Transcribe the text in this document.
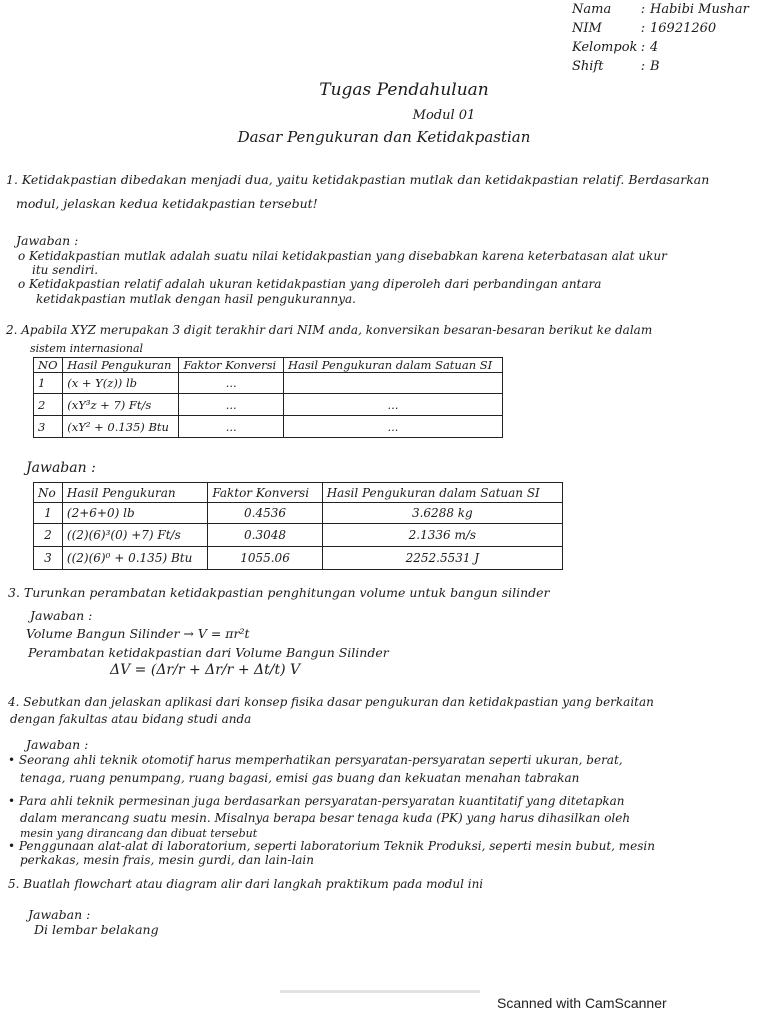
Nama	: Habibi Mushar
NIM	: 16921260
Kelompok : 4
Shift	: B
Tugas Pendahuluan
Modul 01
Dasar Pengukuran dan Ketidakpastian
1. Ketidakpastian dibedakan menjadi dua, yaitu ketidakpastian mutlak dan ketidakpastian relatif. Berdasarkan
modul, jelaskan kedua ketidakpastian tersebut!
Jawaban :
o Ketidakpastian mutlak adalah suatu nilai ketidakpastian yang disebabkan karena keterbatasan alat ukur
itu sendiri.
o Ketidakpastian relatif adalah ukuran ketidakpastian yang diperoleh dari perbandingan antara
ketidakpastian mutlak dengan hasil pengukurannya.
2. Apabila XYZ merupakan 3 digit terakhir dari NIM anda, konversikan besaran-besaran berikut ke dalam
sistem internasional
NO	Hasil Pengukuran	Faktor Konversi	Hasil Pengukuran dalam Satuan SI
1	(x + Y(z)) lb	...	
2	(xY³z + 7) Ft/s	...	...
3	(xY² + 0.135) Btu	...	...
Jawaban :
No	Hasil Pengukuran	Faktor Konversi	Hasil Pengukuran dalam Satuan SI
1	(2+6+0) lb	0.4536	3.6288 kg
2	((2)(6)³(0) +7) Ft/s	0.3048	2.1336 m/s
3	((2)(6)⁰ + 0.135) Btu	1055.06	2252.5531 J
3. Turunkan perambatan ketidakpastian penghitungan volume untuk bangun silinder
Jawaban :
Volume Bangun Silinder → V = πr²t
Perambatan ketidakpastian dari Volume Bangun Silinder
ΔV = (Δr/r + Δr/r + Δt/t) V
4. Sebutkan dan jelaskan aplikasi dari konsep fisika dasar pengukuran dan ketidakpastian yang berkaitan
dengan fakultas atau bidang studi anda
Jawaban :
• Seorang ahli teknik otomotif harus memperhatikan persyaratan-persyaratan seperti ukuran, berat,
tenaga, ruang penumpang, ruang bagasi, emisi gas buang dan kekuatan menahan tabrakan
• Para ahli teknik permesinan juga berdasarkan persyaratan-persyaratan kuantitatif yang ditetapkan
dalam merancang suatu mesin. Misalnya berapa besar tenaga kuda (PK) yang harus dihasilkan oleh
mesin yang dirancang dan dibuat tersebut
• Penggunaan alat-alat di laboratorium, seperti laboratorium Teknik Produksi, seperti mesin bubut, mesin
perkakas, mesin frais, mesin gurdi, dan lain-lain
5. Buatlah flowchart atau diagram alir dari langkah praktikum pada modul ini
Jawaban :
Di lembar belakang
Scanned with CamScanner
